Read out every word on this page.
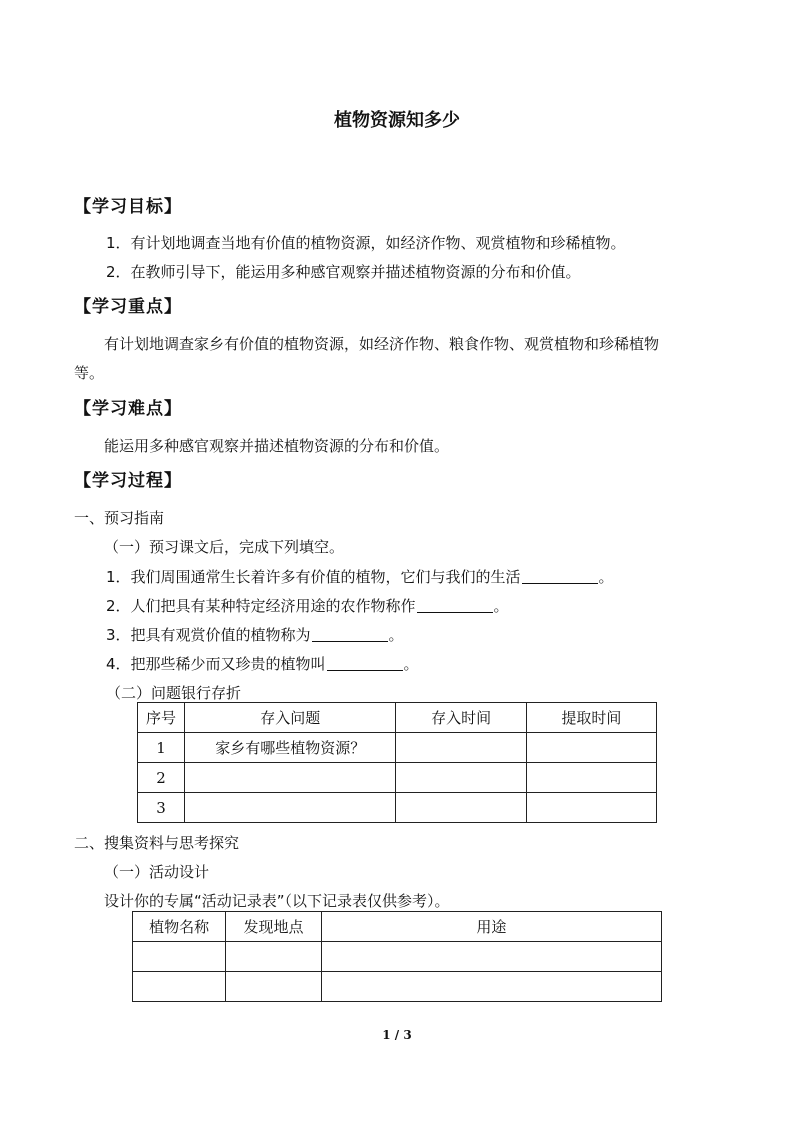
植物资源知多少
【学习目标】
1．有计划地调查当地有价值的植物资源，如经济作物、观赏植物和珍稀植物。
2．在教师引导下，能运用多种感官观察并描述植物资源的分布和价值。
【学习重点】
有计划地调查家乡有价值的植物资源，如经济作物、粮食作物、观赏植物和珍稀植物
等。
【学习难点】
能运用多种感官观察并描述植物资源的分布和价值。
【学习过程】
一、预习指南
（一）预习课文后，完成下列填空。
1．我们周围通常生长着许多有价值的植物，它们与我们的生活	。
2．人们把具有某种特定经济用途的农作物称作	。
3．把具有观赏价值的植物称为	。
4．把那些稀少而又珍贵的植物叫	。
（二）问题银行存折
序号	存入问题	存入时间	提取时间
1	家乡有哪些植物资源？		
2			
3			
二、搜集资料与思考探究
（一）活动设计
设计你的专属“活动记录表”（以下记录表仅供参考）。
植物名称	发现地点	用途

1 / 3
